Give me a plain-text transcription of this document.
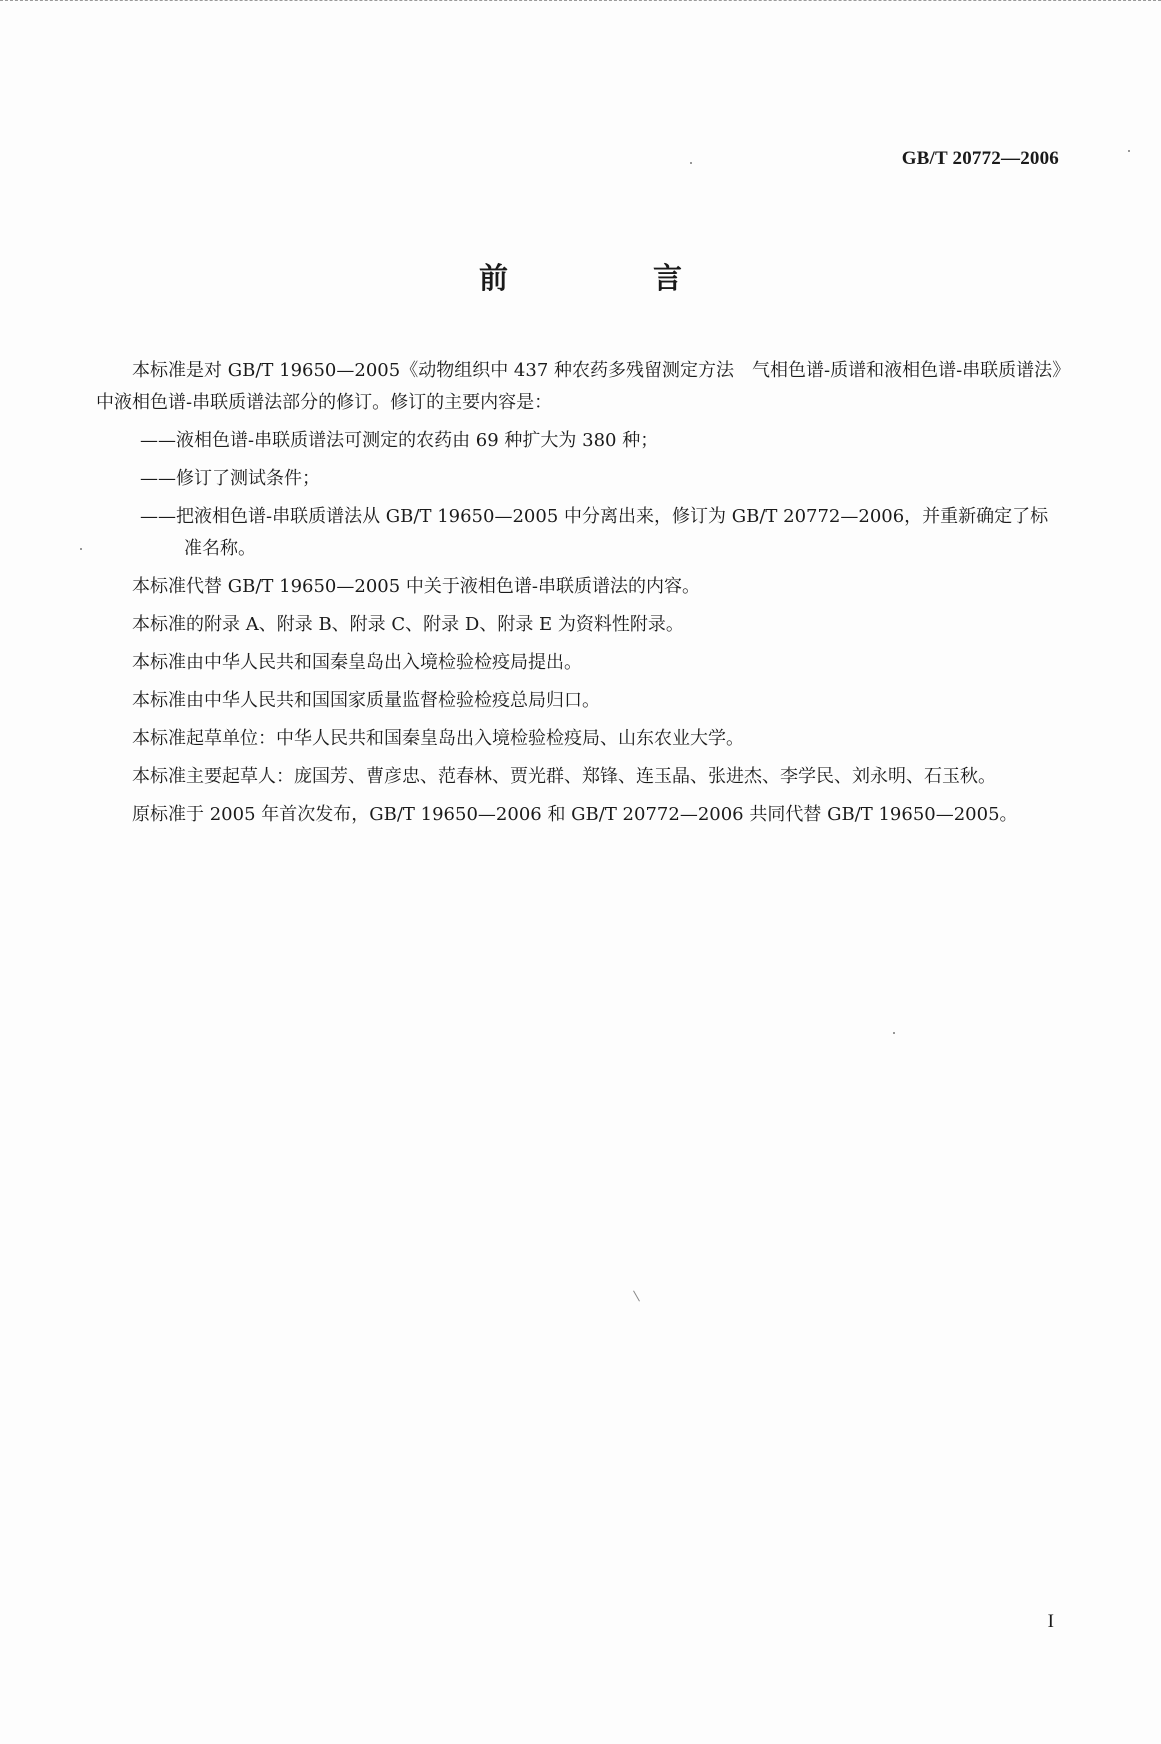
GB/T 20772—2006
前　言

本标准是对 GB/T 19650—2005《动物组织中 437 种农药多残留测定方法　气相色谱-质谱和液相色谱-串联质谱法》中液相色谱-串联质谱法部分的修订。修订的主要内容是：

——液相色谱-串联质谱法可测定的农药由 69 种扩大为 380 种；

——修订了测试条件；

——把液相色谱-串联质谱法从 GB/T 19650—2005 中分离出来，修订为 GB/T 20772—2006，并重新确定了标准名称。

本标准代替 GB/T 19650—2005 中关于液相色谱-串联质谱法的内容。

本标准的附录 A、附录 B、附录 C、附录 D、附录 E 为资料性附录。

本标准由中华人民共和国秦皇岛出入境检验检疫局提出。

本标准由中华人民共和国国家质量监督检验检疫总局归口。

本标准起草单位：中华人民共和国秦皇岛出入境检验检疫局、山东农业大学。

本标准主要起草人：庞国芳、曹彦忠、范春林、贾光群、郑锋、连玉晶、张进杰、李学民、刘永明、石玉秋。

原标准于 2005 年首次发布，GB/T 19650—2006 和 GB/T 20772—2006 共同代替 GB/T 19650—2005。

I
